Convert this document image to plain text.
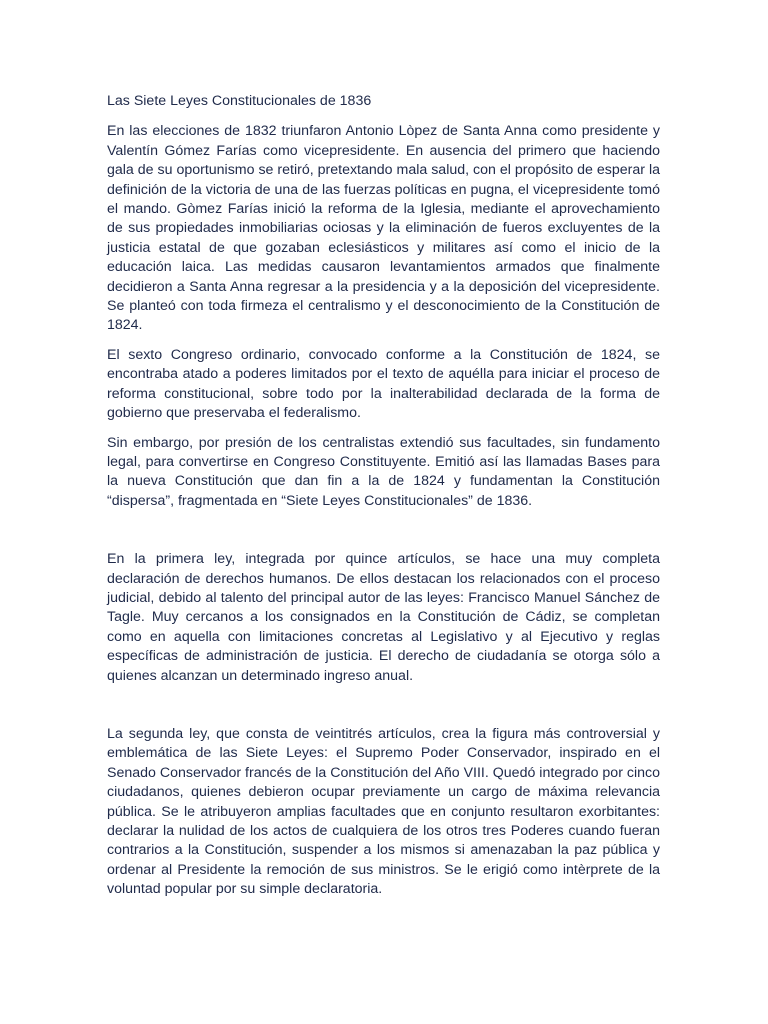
Las Siete Leyes Constitucionales de 1836

En las elecciones de 1832 triunfaron Antonio Lòpez de Santa Anna como presidente y Valentín Gómez Farías como vicepresidente. En ausencia del primero que haciendo gala de su oportunismo se retiró, pretextando mala salud, con el propósito de esperar la definición de la victoria de una de las fuerzas políticas en pugna, el vicepresidente tomó el mando. Gòmez Farías inició la reforma de la Iglesia, mediante el aprovechamiento de sus propiedades inmobiliarias ociosas y la eliminación de fueros excluyentes de la justicia estatal de que gozaban eclesiásticos y militares así como el inicio de la educación laica. Las medidas causaron levantamientos armados que finalmente decidieron a Santa Anna regresar a la presidencia y a la deposición del vicepresidente. Se planteó con toda firmeza el centralismo y el desconocimiento de la Constitución de 1824.

El sexto Congreso ordinario, convocado conforme a la Constitución de 1824, se encontraba atado a poderes limitados por el texto de aquélla para iniciar el proceso de reforma constitucional, sobre todo por la inalterabilidad declarada de la forma de gobierno que preservaba el federalismo.

Sin embargo, por presión de los centralistas extendió sus facultades, sin fundamento legal, para convertirse en Congreso Constituyente. Emitió así las llamadas Bases para la nueva Constitución que dan fin a la de 1824 y fundamentan la Constitución “dispersa”, fragmentada en “Siete Leyes Constitucionales” de 1836.

En la primera ley, integrada por quince artículos, se hace una muy completa declaración de derechos humanos. De ellos destacan los relacionados con el proceso judicial, debido al talento del principal autor de las leyes: Francisco Manuel Sánchez de Tagle. Muy cercanos a los consignados en la Constitución de Cádiz, se completan como en aquella con limitaciones concretas al Legislativo y al Ejecutivo y reglas específicas de administración de justicia. El derecho de ciudadanía se otorga sólo a quienes alcanzan un determinado ingreso anual.

La segunda ley, que consta de veintitrés artículos, crea la figura más controversial y emblemática de las Siete Leyes: el Supremo Poder Conservador, inspirado en el Senado Conservador francés de la Constitución del Año VIII. Quedó integrado por cinco ciudadanos, quienes debieron ocupar previamente un cargo de máxima relevancia pública. Se le atribuyeron amplias facultades que en conjunto resultaron exorbitantes: declarar la nulidad de los actos de cualquiera de los otros tres Poderes cuando fueran contrarios a la Constitución, suspender a los mismos si amenazaban la paz pública y ordenar al Presidente la remoción de sus ministros. Se le erigió como intèrprete de la voluntad popular por su simple declaratoria.
